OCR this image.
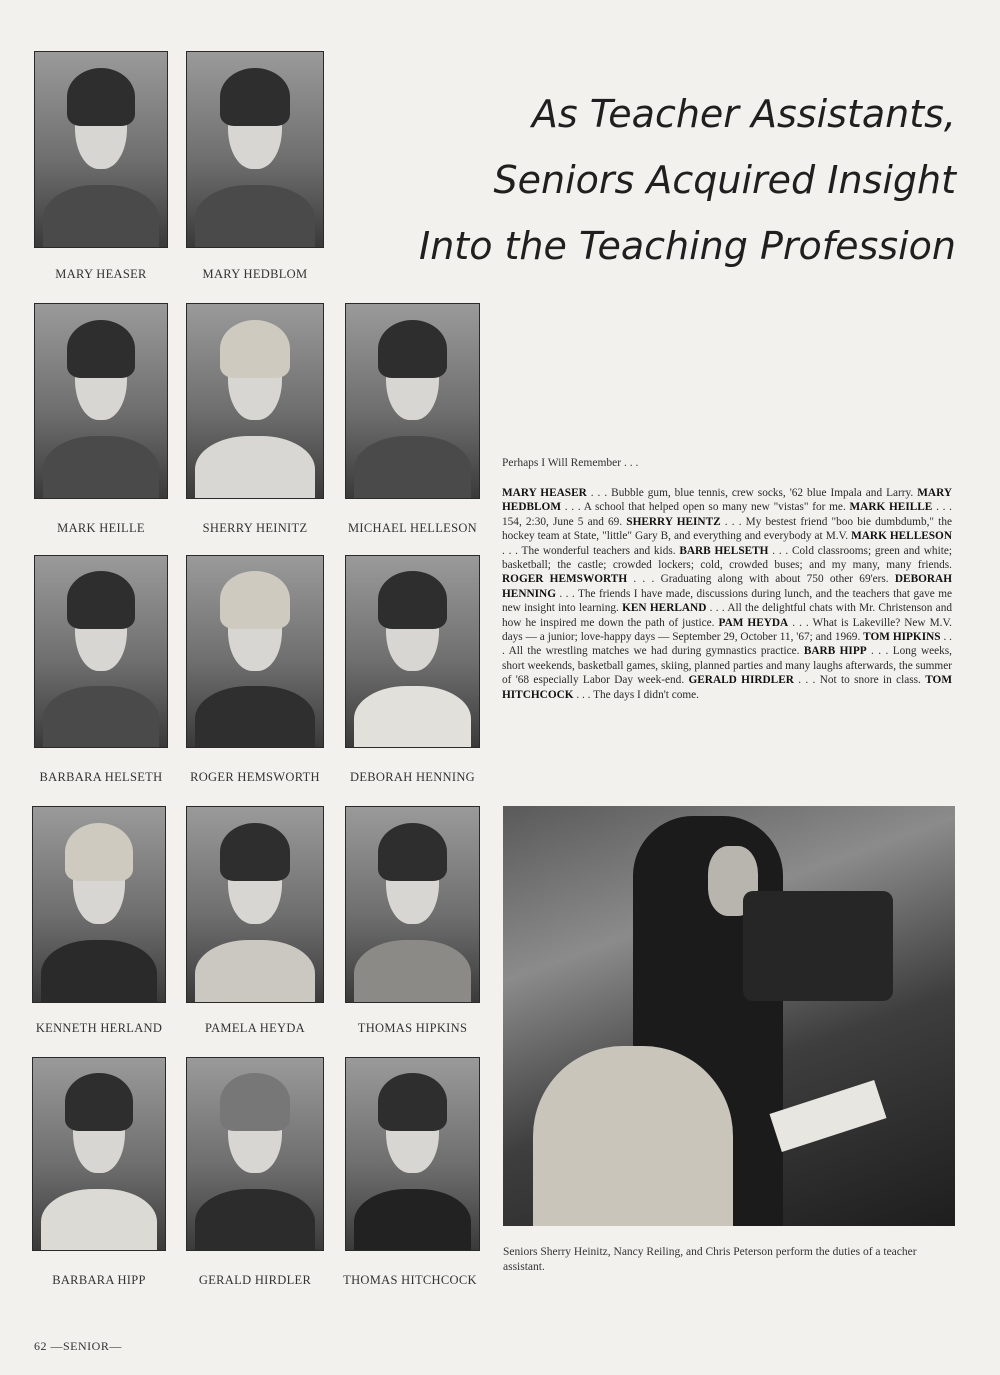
As Teacher Assistants,
Seniors Acquired Insight
Into the Teaching Profession
MARY HEASER	MARY HEDBLOM
MARK HEILLE	SHERRY HEINITZ	MICHAEL HELLESON
BARBARA HELSETH	ROGER HEMSWORTH	DEBORAH HENNING
KENNETH HERLAND	PAMELA HEYDA	THOMAS HIPKINS
BARBARA HIPP	GERALD HIRDLER	THOMAS HITCHCOCK
Perhaps I Will Remember . . .
MARY HEASER . . . Bubble gum, blue tennis, crew socks, '62 blue Impala and Larry. MARY HEDBLOM . . . A school that helped open so many new "vistas" for me. MARK HEILLE . . . 154, 2:30, June 5 and 69. SHERRY HEINTZ . . . My bestest friend "boo bie dumbdumb," the hockey team at State, "little" Gary B, and everything and everybody at M.V. MARK HELLESON . . . The wonderful teachers and kids. BARB HELSETH . . . Cold classrooms; green and white; basketball; the castle; crowded lockers; cold, crowded buses; and my many, many friends. ROGER HEMSWORTH . . . Graduating along with about 750 other 69'ers. DEBORAH HENNING . . . The friends I have made, discussions during lunch, and the teachers that gave me new insight into learning. KEN HERLAND . . . All the delightful chats with Mr. Christenson and how he inspired me down the path of justice. PAM HEYDA . . . What is Lakeville? New M.V. days — a junior; love-happy days — September 29, October 11, '67; and 1969. TOM HIPKINS . . . All the wrestling matches we had during gymnastics practice. BARB HIPP . . . Long weeks, short weekends, basketball games, skiing, planned parties and many laughs afterwards, the summer of '68 especially Labor Day week-end. GERALD HIRDLER . . . Not to snore in class. TOM HITCHCOCK . . . The days I didn't come.
Seniors Sherry Heinitz, Nancy Reiling, and Chris Peterson perform the duties of a teacher assistant.
62 —SENIOR—
